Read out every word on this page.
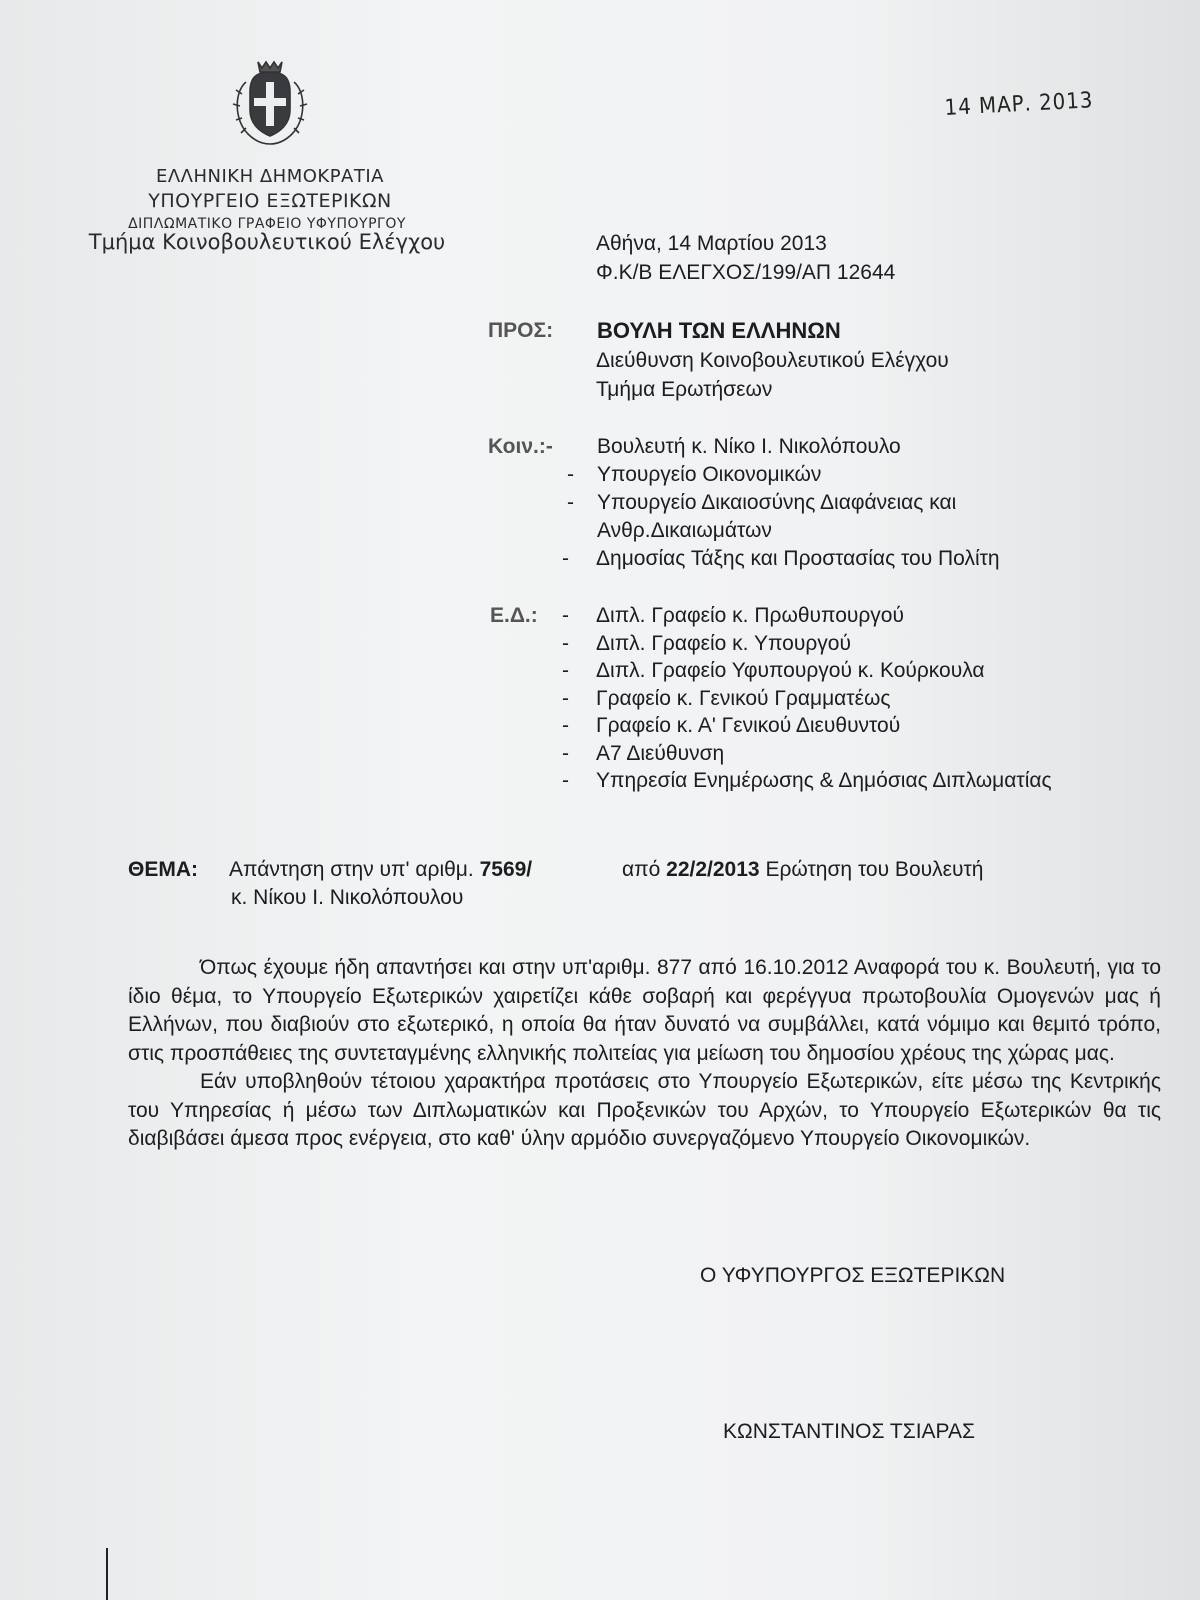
14 ΜΑΡ. 2013
ΕΛΛΗΝΙΚΗ ΔΗΜΟΚΡΑΤΙΑ
ΥΠΟΥΡΓΕΙΟ ΕΞΩΤΕΡΙΚΩΝ
ΔΙΠΛΩΜΑΤΙΚΟ ΓΡΑΦΕΙΟ ΥΦΥΠΟΥΡΓΟΥ
Τμήμα Κοινοβουλευτικού Ελέγχου	Αθήνα, 14 Μαρτίου 2013
Φ.Κ/Β ΕΛΕΓΧΟΣ/199/ΑΠ 12644
ΠΡΟΣ: ΒΟΥΛΗ ΤΩΝ ΕΛΛΗΝΩΝ
Διεύθυνση Κοινοβουλευτικού Ελέγχου
Τμήμα Ερωτήσεων
Κοιν.:- Βουλευτή κ. Νίκο Ι. Νικολόπουλο
- Υπουργείο Οικονομικών
- Υπουργείο Δικαιοσύνης Διαφάνειας και
Ανθρ.Δικαιωμάτων
- Δημοσίας Τάξης και Προστασίας του Πολίτη
Ε.Δ.: - Διπλ. Γραφείο κ. Πρωθυπουργού
- Διπλ. Γραφείο κ. Υπουργού
- Διπλ. Γραφείο Υφυπουργού κ. Κούρκουλα
- Γραφείο κ. Γενικού Γραμματέως
- Γραφείο κ. Α' Γενικού Διευθυντού
- Α7 Διεύθυνση
- Υπηρεσία Ενημέρωσης & Δημόσιας Διπλωματίας
ΘΕΜΑ: Απάντηση στην υπ' αριθμ. 7569/	από 22/2/2013 Ερώτηση του Βουλευτή
κ. Νίκου Ι. Νικολόπουλου

Όπως έχουμε ήδη απαντήσει και στην υπ'αριθμ. 877 από 16.10.2012 Αναφορά του κ. Βουλευτή, για το ίδιο θέμα, το Υπουργείο Εξωτερικών χαιρετίζει κάθε σοβαρή και φερέγγυα πρωτοβουλία Ομογενών μας ή Ελλήνων, που διαβιούν στο εξωτερικό, η οποία θα ήταν δυνατό να συμβάλλει, κατά νόμιμο και θεμιτό τρόπο, στις προσπάθειες της συντεταγμένης ελληνικής πολιτείας για μείωση του δημοσίου χρέους της χώρας μας.

Εάν υποβληθούν τέτοιου χαρακτήρα προτάσεις στο Υπουργείο Εξωτερικών, είτε μέσω της Κεντρικής του Υπηρεσίας ή μέσω των Διπλωματικών και Προξενικών του Αρχών, το Υπουργείο Εξωτερικών θα τις διαβιβάσει άμεσα προς ενέργεια, στο καθ' ύλην αρμόδιο συνεργαζόμενο Υπουργείο Οικονομικών.

Ο ΥΦΥΠΟΥΡΓΟΣ ΕΞΩΤΕΡΙΚΩΝ
ΚΩΝΣΤΑΝΤΙΝΟΣ ΤΣΙΑΡΑΣ
